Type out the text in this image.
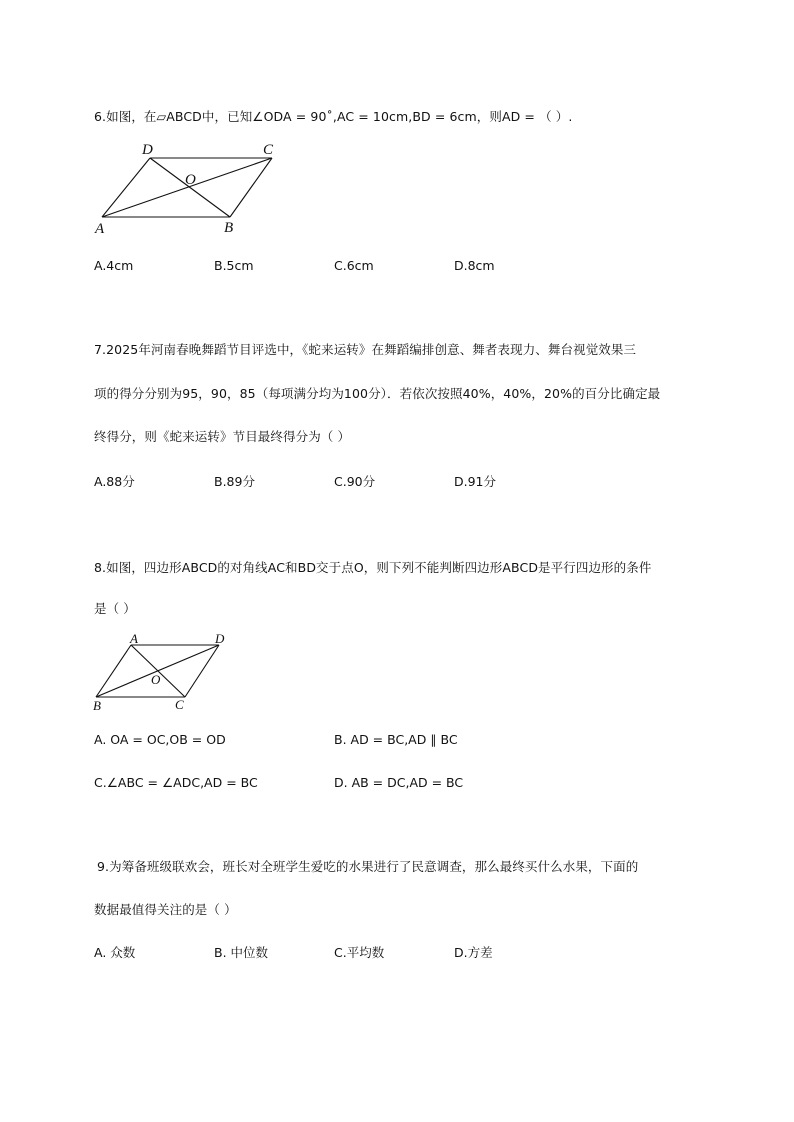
6.如图，在▱ABCD中，已知∠ODA = 90˚,AC = 10cm,BD = 6cm，则AD = （ ）.
D	C
O
A	B
A.4cm	B.5cm	C.6cm	D.8cm
7.2025年河南春晚舞蹈节目评选中，《蛇来运转》在舞蹈编排创意、舞者表现力、舞台视觉效果三
项的得分分别为95，90，85（每项满分均为100分）．若依次按照40%，40%，20%的百分比确定最
终得分，则《蛇来运转》节目最终得分为（ ）
A.88分	B.89分	C.90分	D.91分
8.如图，四边形ABCD的对角线AC和BD交于点O，则下列不能判断四边形ABCD是平行四边形的条件
是（ ）
A	D
O
B	C
A. OA = OC,OB = OD	B. AD = BC,AD ∥ BC
C.∠ABC = ∠ADC,AD = BC	D. AB = DC,AD = BC
9.为筹备班级联欢会，班长对全班学生爱吃的水果进行了民意调查，那么最终买什么水果，下面的
数据最值得关注的是（ ）
A. 众数	B. 中位数	C.平均数	D.方差
